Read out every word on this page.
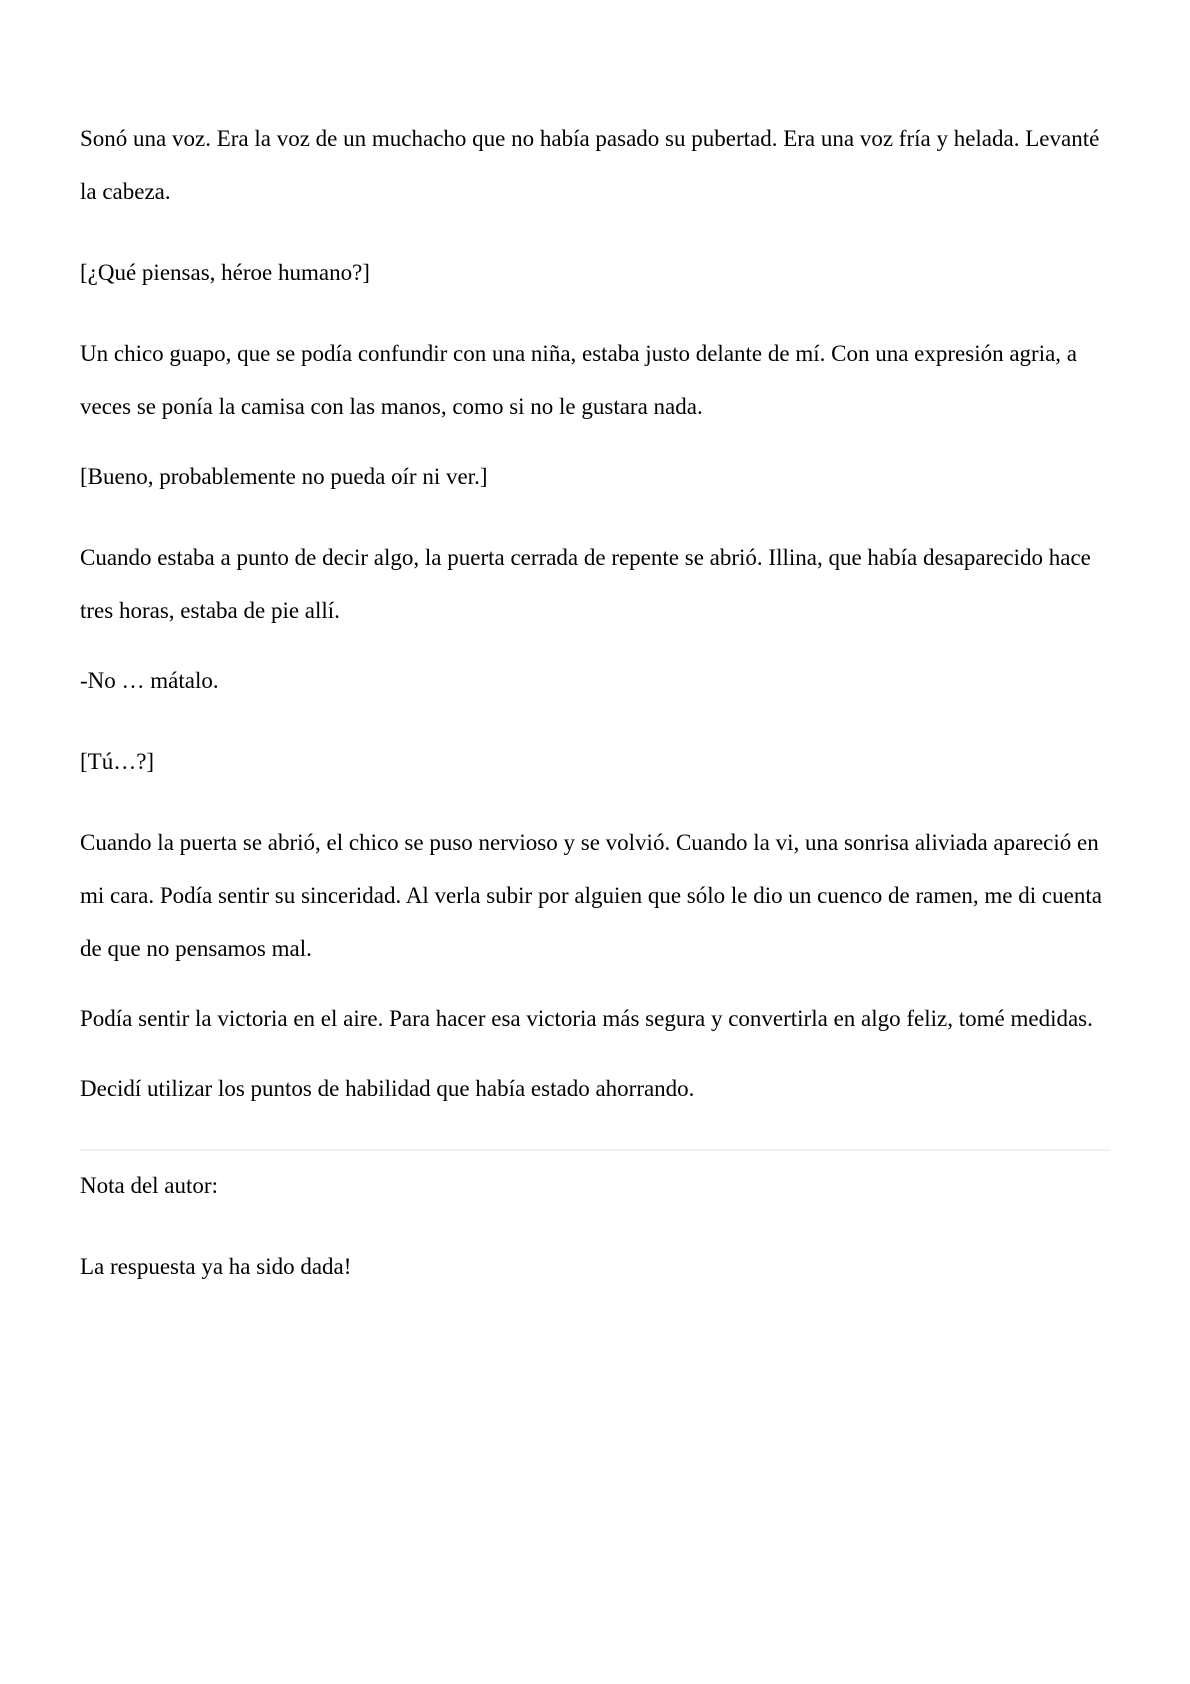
Sonó una voz. Era la voz de un muchacho que no había pasado su pubertad. Era una voz fría y helada. Levanté la cabeza.

[¿Qué piensas, héroe humano?]

Un chico guapo, que se podía confundir con una niña, estaba justo delante de mí. Con una expresión agria, a veces se ponía la camisa con las manos, como si no le gustara nada.

[Bueno, probablemente no pueda oír ni ver.]

Cuando estaba a punto de decir algo, la puerta cerrada de repente se abrió. Illina, que había desaparecido hace tres horas, estaba de pie allí.

-No … mátalo.

[Tú…?]

Cuando la puerta se abrió, el chico se puso nervioso y se volvió. Cuando la vi, una sonrisa aliviada apareció en mi cara. Podía sentir su sinceridad. Al verla subir por alguien que sólo le dio un cuenco de ramen, me di cuenta de que no pensamos mal.

Podía sentir la victoria en el aire. Para hacer esa victoria más segura y convertirla en algo feliz, tomé medidas.

Decidí utilizar los puntos de habilidad que había estado ahorrando.

Nota del autor:

La respuesta ya ha sido dada!
